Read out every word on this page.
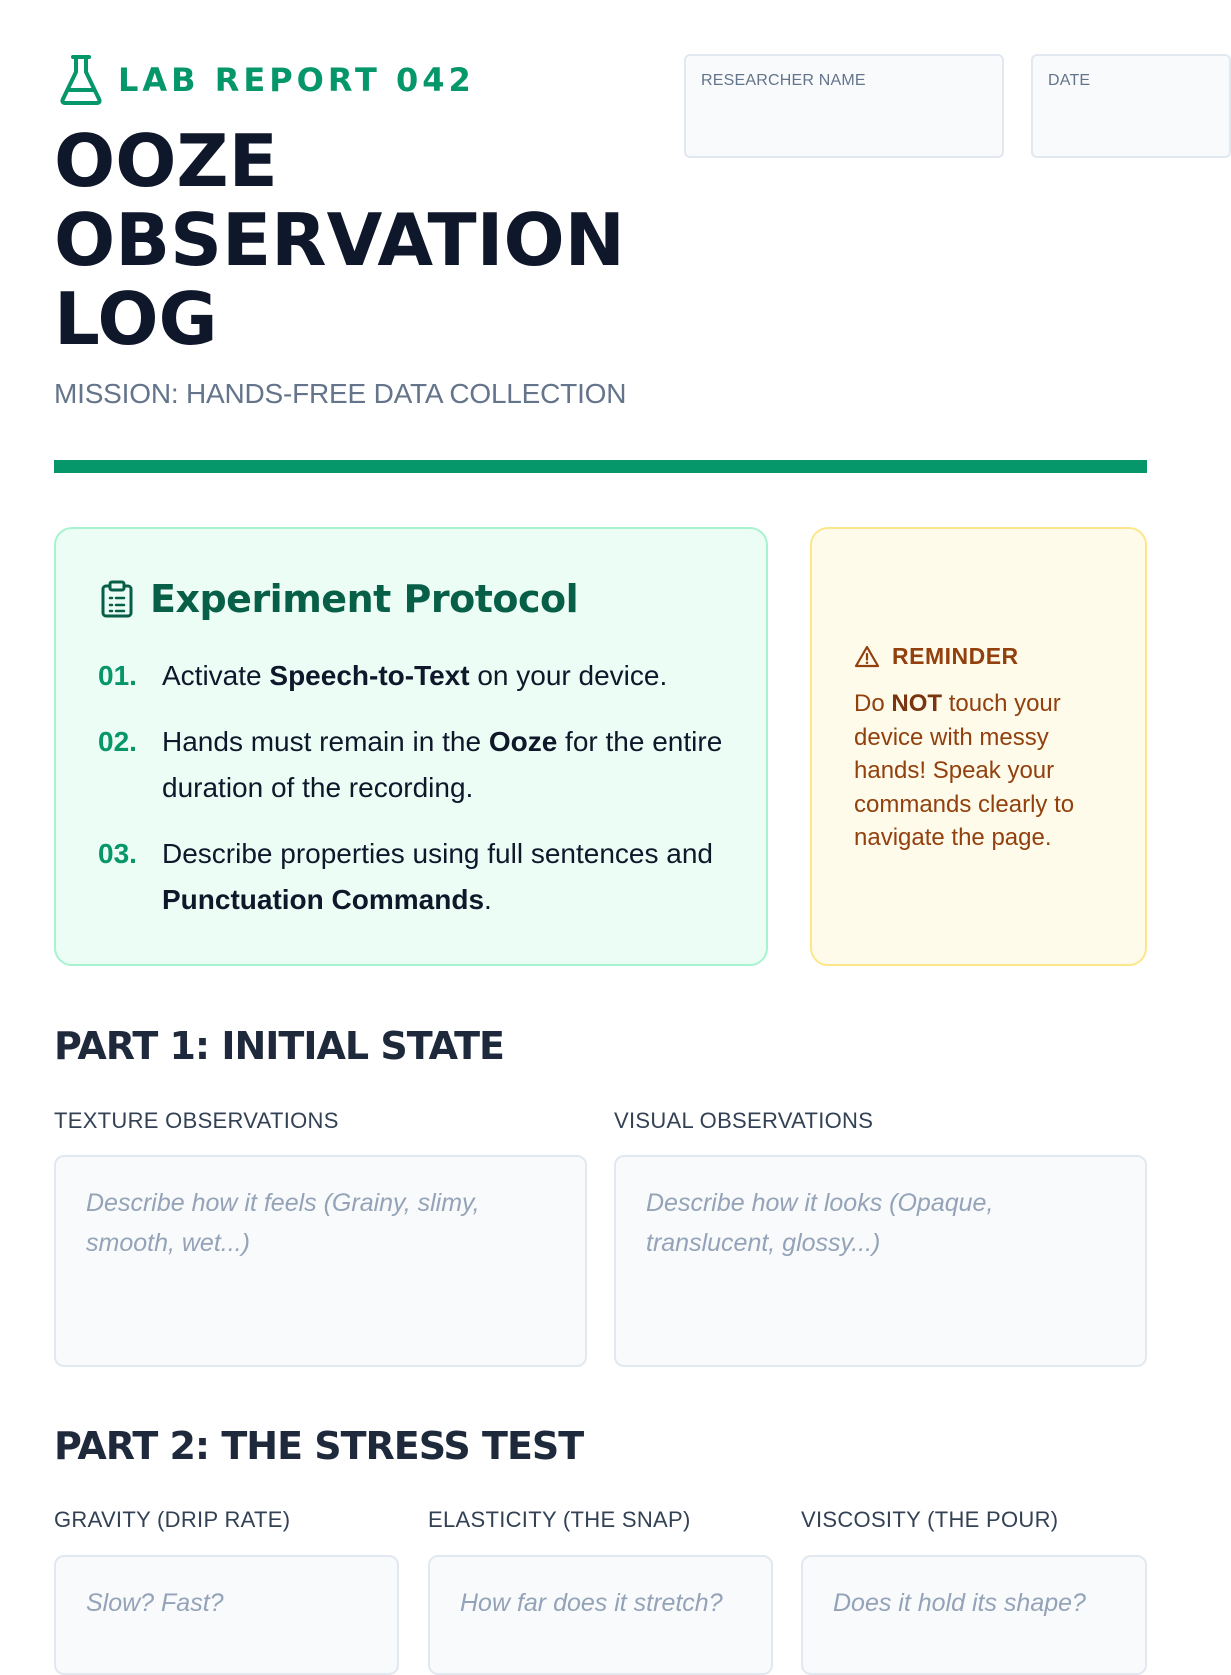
LAB REPORT 042
OOZE
OBSERVATION
LOG
MISSION: HANDS-FREE DATA COLLECTION
RESEARCHER NAME	DATE
Experiment Protocol
01. Activate Speech-to-Text on your device.
02. Hands must remain in the Ooze for the entire duration of the recording.
03. Describe properties using full sentences and Punctuation Commands.
REMINDER
Do NOT touch your device with messy hands! Speak your commands clearly to navigate the page.
PART 1: INITIAL STATE
TEXTURE OBSERVATIONS	VISUAL OBSERVATIONS
Describe how it feels (Grainy, slimy, smooth, wet...)
Describe how it looks (Opaque, translucent, glossy...)
PART 2: THE STRESS TEST
GRAVITY (DRIP RATE)	ELASTICITY (THE SNAP)	VISCOSITY (THE POUR)
Slow? Fast?	How far does it stretch?	Does it hold its shape?
